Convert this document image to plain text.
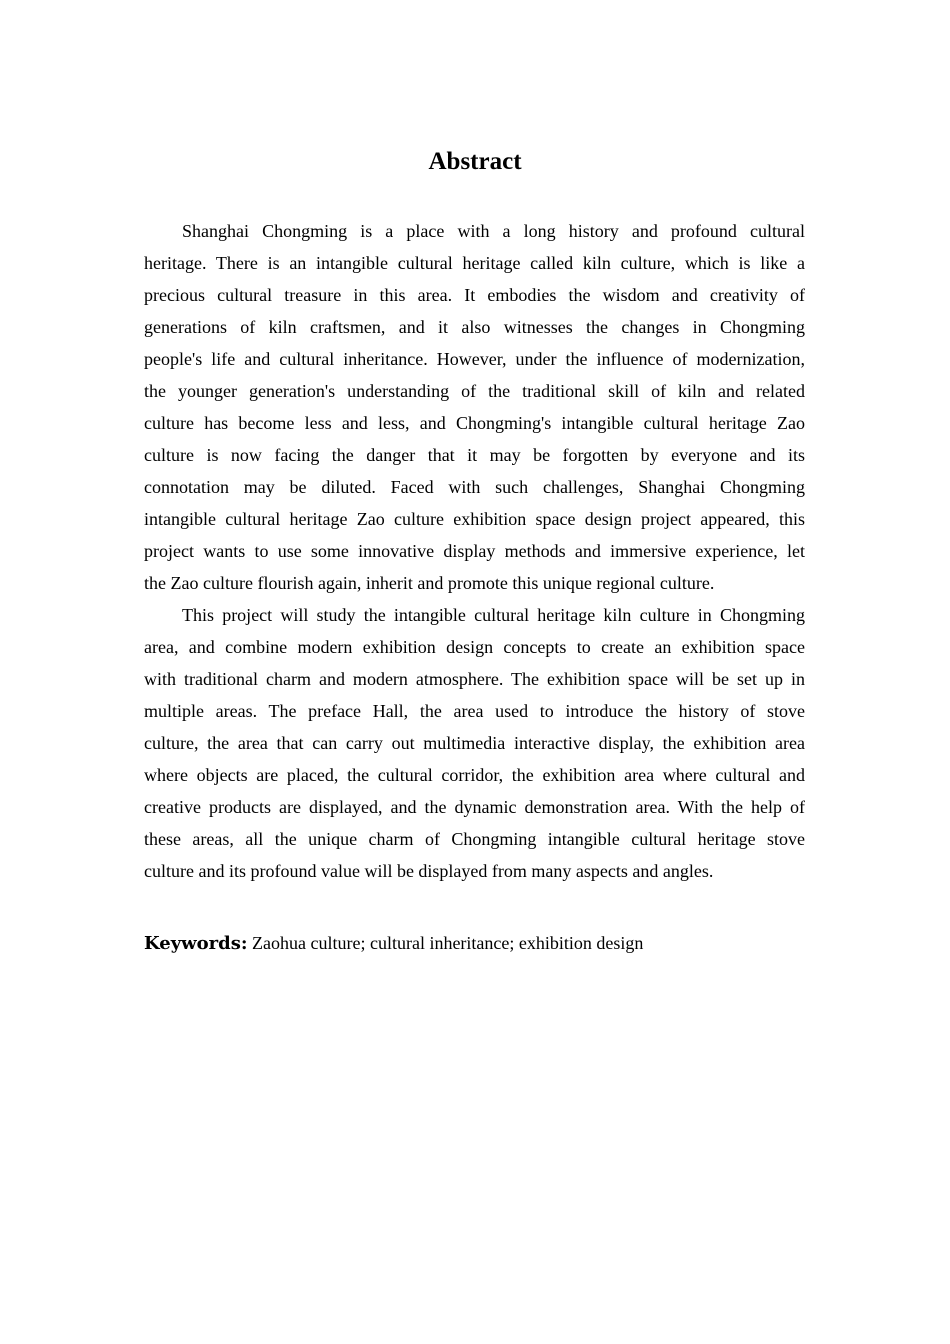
Abstract
Shanghai Chongming is a place with a long history and profound cultural
heritage. There is an intangible cultural heritage called kiln culture, which is like a
precious cultural treasure in this area. It embodies the wisdom and creativity of
generations of kiln craftsmen, and it also witnesses the changes in Chongming
people's life and cultural inheritance. However, under the influence of modernization,
the younger generation's understanding of the traditional skill of kiln and related
culture has become less and less, and Chongming's intangible cultural heritage Zao
culture is now facing the danger that it may be forgotten by everyone and its
connotation may be diluted. Faced with such challenges, Shanghai Chongming
intangible cultural heritage Zao culture exhibition space design project appeared, this
project wants to use some innovative display methods and immersive experience, let
the Zao culture flourish again, inherit and promote this unique regional culture.
This project will study the intangible cultural heritage kiln culture in Chongming
area, and combine modern exhibition design concepts to create an exhibition space
with traditional charm and modern atmosphere. The exhibition space will be set up in
multiple areas. The preface Hall, the area used to introduce the history of stove
culture, the area that can carry out multimedia interactive display, the exhibition area
where objects are placed, the cultural corridor, the exhibition area where cultural and
creative products are displayed, and the dynamic demonstration area. With the help of
these areas, all the unique charm of Chongming intangible cultural heritage stove
culture and its profound value will be displayed from many aspects and angles.
Keywords: Zaohua culture; cultural inheritance; exhibition design
